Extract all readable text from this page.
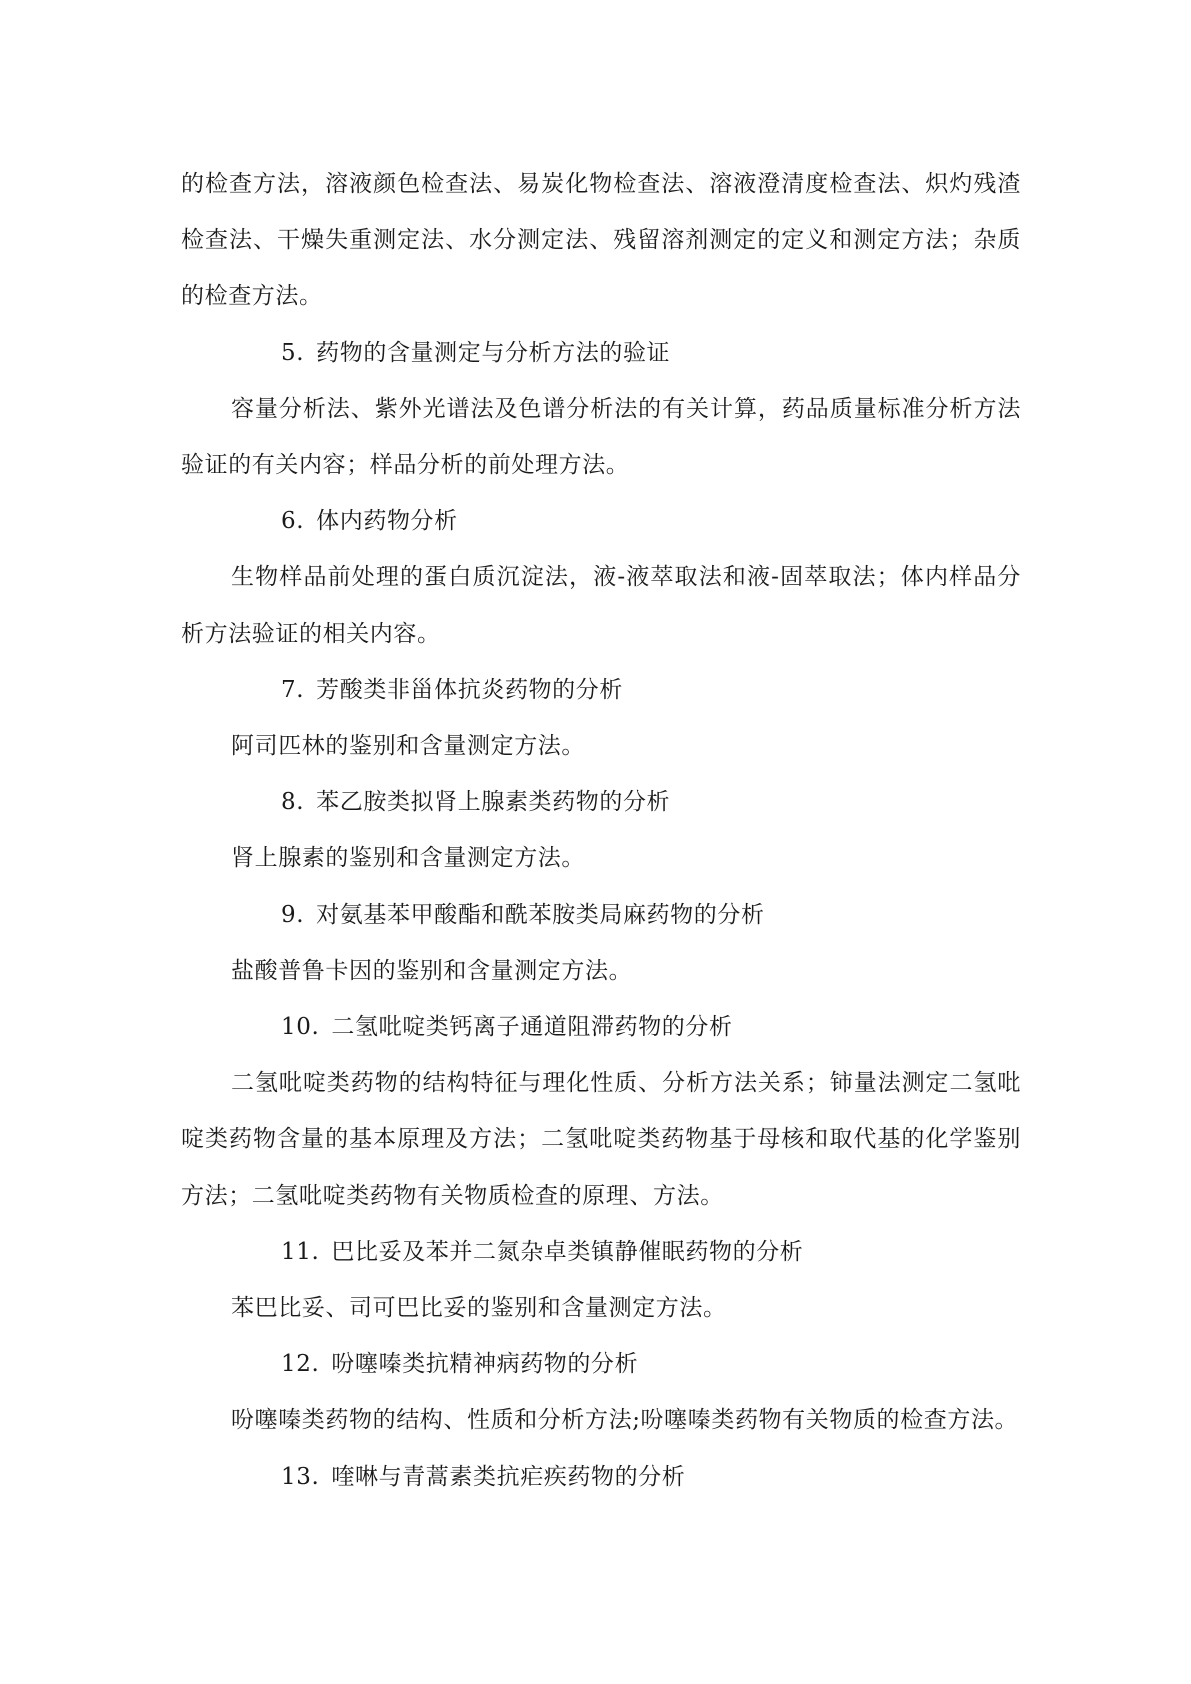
的检查方法，溶液颜色检查法、易炭化物检查法、溶液澄清度检查法、炽灼残渣检查法、干燥失重测定法、水分测定法、残留溶剂测定的定义和测定方法；杂质的检查方法。

5. 药物的含量测定与分析方法的验证

容量分析法、紫外光谱法及色谱分析法的有关计算，药品质量标准分析方法验证的有关内容；样品分析的前处理方法。

6. 体内药物分析

生物样品前处理的蛋白质沉淀法，液-液萃取法和液-固萃取法；体内样品分析方法验证的相关内容。

7. 芳酸类非甾体抗炎药物的分析

阿司匹林的鉴别和含量测定方法。

8. 苯乙胺类拟肾上腺素类药物的分析

肾上腺素的鉴别和含量测定方法。

9. 对氨基苯甲酸酯和酰苯胺类局麻药物的分析

盐酸普鲁卡因的鉴别和含量测定方法。

10. 二氢吡啶类钙离子通道阻滞药物的分析

二氢吡啶类药物的结构特征与理化性质、分析方法关系；铈量法测定二氢吡啶类药物含量的基本原理及方法；二氢吡啶类药物基于母核和取代基的化学鉴别方法；二氢吡啶类药物有关物质检查的原理、方法。

11. 巴比妥及苯并二氮杂卓类镇静催眠药物的分析

苯巴比妥、司可巴比妥的鉴别和含量测定方法。

12. 吩噻嗪类抗精神病药物的分析

吩噻嗪类药物的结构、性质和分析方法;吩噻嗪类药物有关物质的检查方法。

13. 喹啉与青蒿素类抗疟疾药物的分析
